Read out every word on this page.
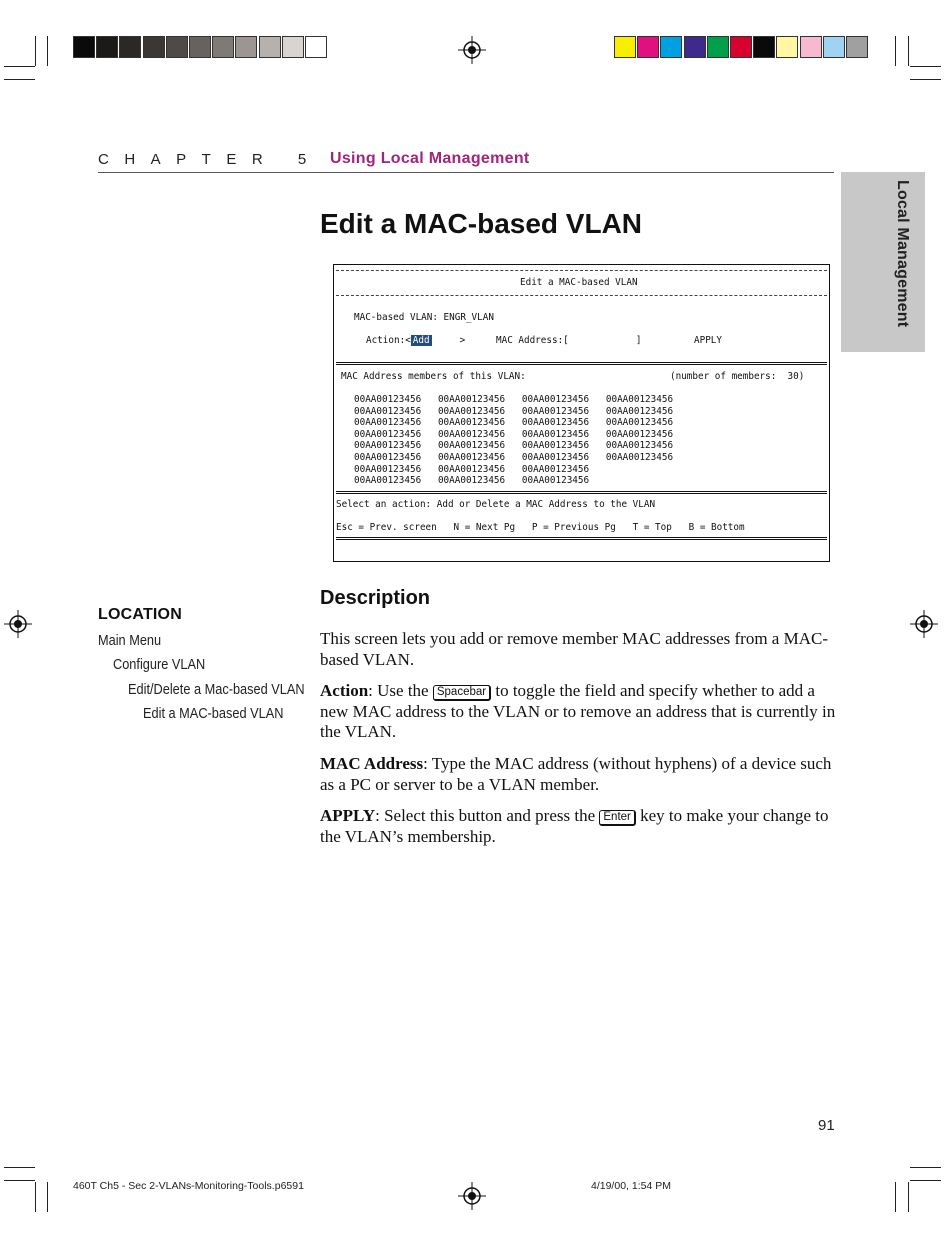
CHAPTER 5 Using Local Management
Local Management
Edit a MAC-based VLAN
Edit a MAC-based VLAN
MAC-based VLAN: ENGR_VLAN
Action:< Add     >	MAC Address:[            ]	APPLY
MAC Address members of this VLAN:	(number of members:  30)
00AA00123456   00AA00123456   00AA00123456   00AA00123456
00AA00123456   00AA00123456   00AA00123456   00AA00123456
00AA00123456   00AA00123456   00AA00123456   00AA00123456
00AA00123456   00AA00123456   00AA00123456   00AA00123456
00AA00123456   00AA00123456   00AA00123456   00AA00123456
00AA00123456   00AA00123456   00AA00123456   00AA00123456
00AA00123456   00AA00123456   00AA00123456
00AA00123456   00AA00123456   00AA00123456
Select an action: Add or Delete a MAC Address to the VLAN
Esc = Prev. screen   N = Next Pg   P = Previous Pg   T = Top   B = Bottom
LOCATION
Main Menu
Configure VLAN
Edit/Delete a Mac-based VLAN
Edit a MAC-based VLAN
Description
This screen lets you add or remove member MAC addresses from a MAC-based VLAN.
Action: Use the Spacebar to toggle the field and specify whether to add a new MAC address to the VLAN or to remove an address that is currently in the VLAN.
MAC Address: Type the MAC address (without hyphens) of a device such as a PC or server to be a VLAN member.
APPLY: Select this button and press the Enter key to make your change to the VLAN’s membership.
91
460T Ch5 - Sec 2-VLANs-Monitoring-Tools.p6591	4/19/00, 1:54 PM
